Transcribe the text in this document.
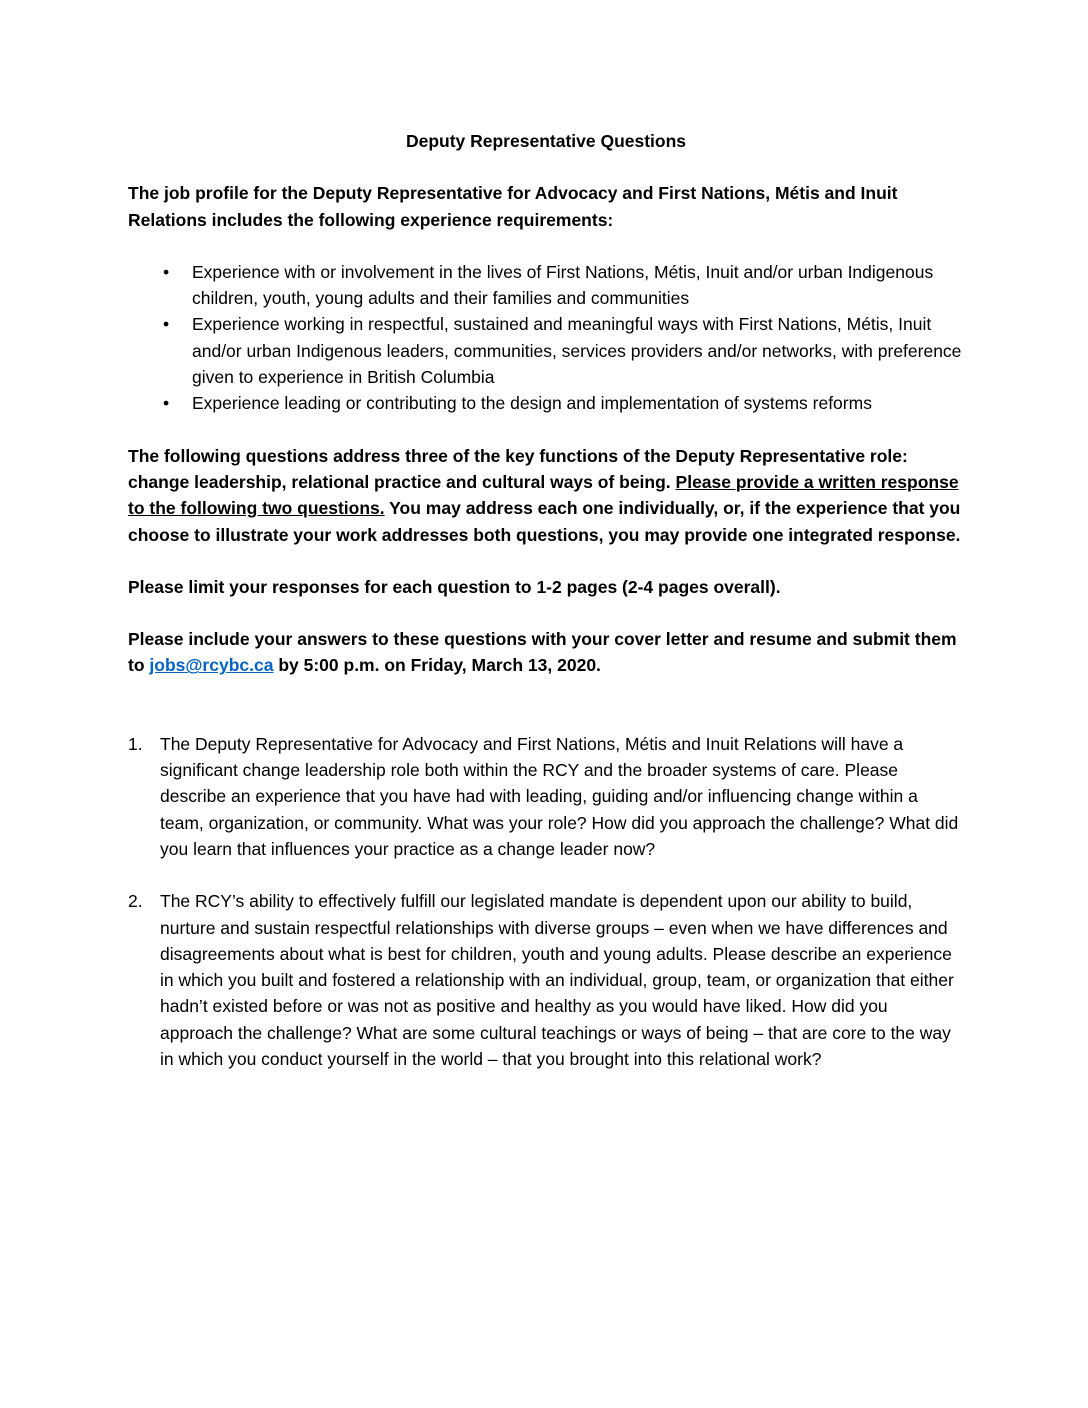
Deputy Representative Questions

The job profile for the Deputy Representative for Advocacy and First Nations, Métis and Inuit Relations includes the following experience requirements:

• Experience with or involvement in the lives of First Nations, Métis, Inuit and/or urban Indigenous children, youth, young adults and their families and communities
• Experience working in respectful, sustained and meaningful ways with First Nations, Métis, Inuit and/or urban Indigenous leaders, communities, services providers and/or networks, with preference given to experience in British Columbia
• Experience leading or contributing to the design and implementation of systems reforms

The following questions address three of the key functions of the Deputy Representative role: change leadership, relational practice and cultural ways of being. Please provide a written response to the following two questions. You may address each one individually, or, if the experience that you choose to illustrate your work addresses both questions, you may provide one integrated response.

Please limit your responses for each question to 1-2 pages (2-4 pages overall).

Please include your answers to these questions with your cover letter and resume and submit them to jobs@rcybc.ca by 5:00 p.m. on Friday, March 13, 2020.

1. The Deputy Representative for Advocacy and First Nations, Métis and Inuit Relations will have a significant change leadership role both within the RCY and the broader systems of care. Please describe an experience that you have had with leading, guiding and/or influencing change within a team, organization, or community. What was your role? How did you approach the challenge? What did you learn that influences your practice as a change leader now?
2. The RCY’s ability to effectively fulfill our legislated mandate is dependent upon our ability to build, nurture and sustain respectful relationships with diverse groups – even when we have differences and disagreements about what is best for children, youth and young adults. Please describe an experience in which you built and fostered a relationship with an individual, group, team, or organization that either hadn’t existed before or was not as positive and healthy as you would have liked. How did you approach the challenge? What are some cultural teachings or ways of being – that are core to the way in which you conduct yourself in the world – that you brought into this relational work?
